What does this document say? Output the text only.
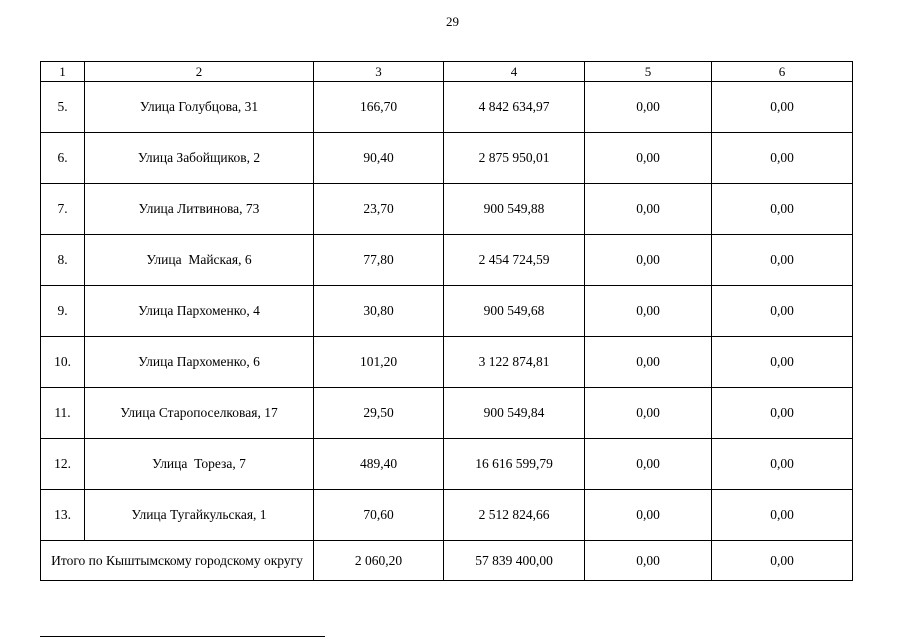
29
1	2	3	4	5	6
5.	Улица Голубцова, 31	166,70	4 842 634,97	0,00	0,00
6.	Улица Забойщиков, 2	90,40	2 875 950,01	0,00	0,00
7.	Улица Литвинова, 73	23,70	900 549,88	0,00	0,00
8.	Улица  Майская, 6	77,80	2 454 724,59	0,00	0,00
9.	Улица Пархоменко, 4	30,80	900 549,68	0,00	0,00
10.	Улица Пархоменко, 6	101,20	3 122 874,81	0,00	0,00
11.	Улица Старопоселковая, 17	29,50	900 549,84	0,00	0,00
12.	Улица  Тореза, 7	489,40	16 616 599,79	0,00	0,00
13.	Улица Тугайкульская, 1	70,60	2 512 824,66	0,00	0,00
Итого по Кыштымскому городскому округу		2 060,20	57 839 400,00	0,00	0,00
